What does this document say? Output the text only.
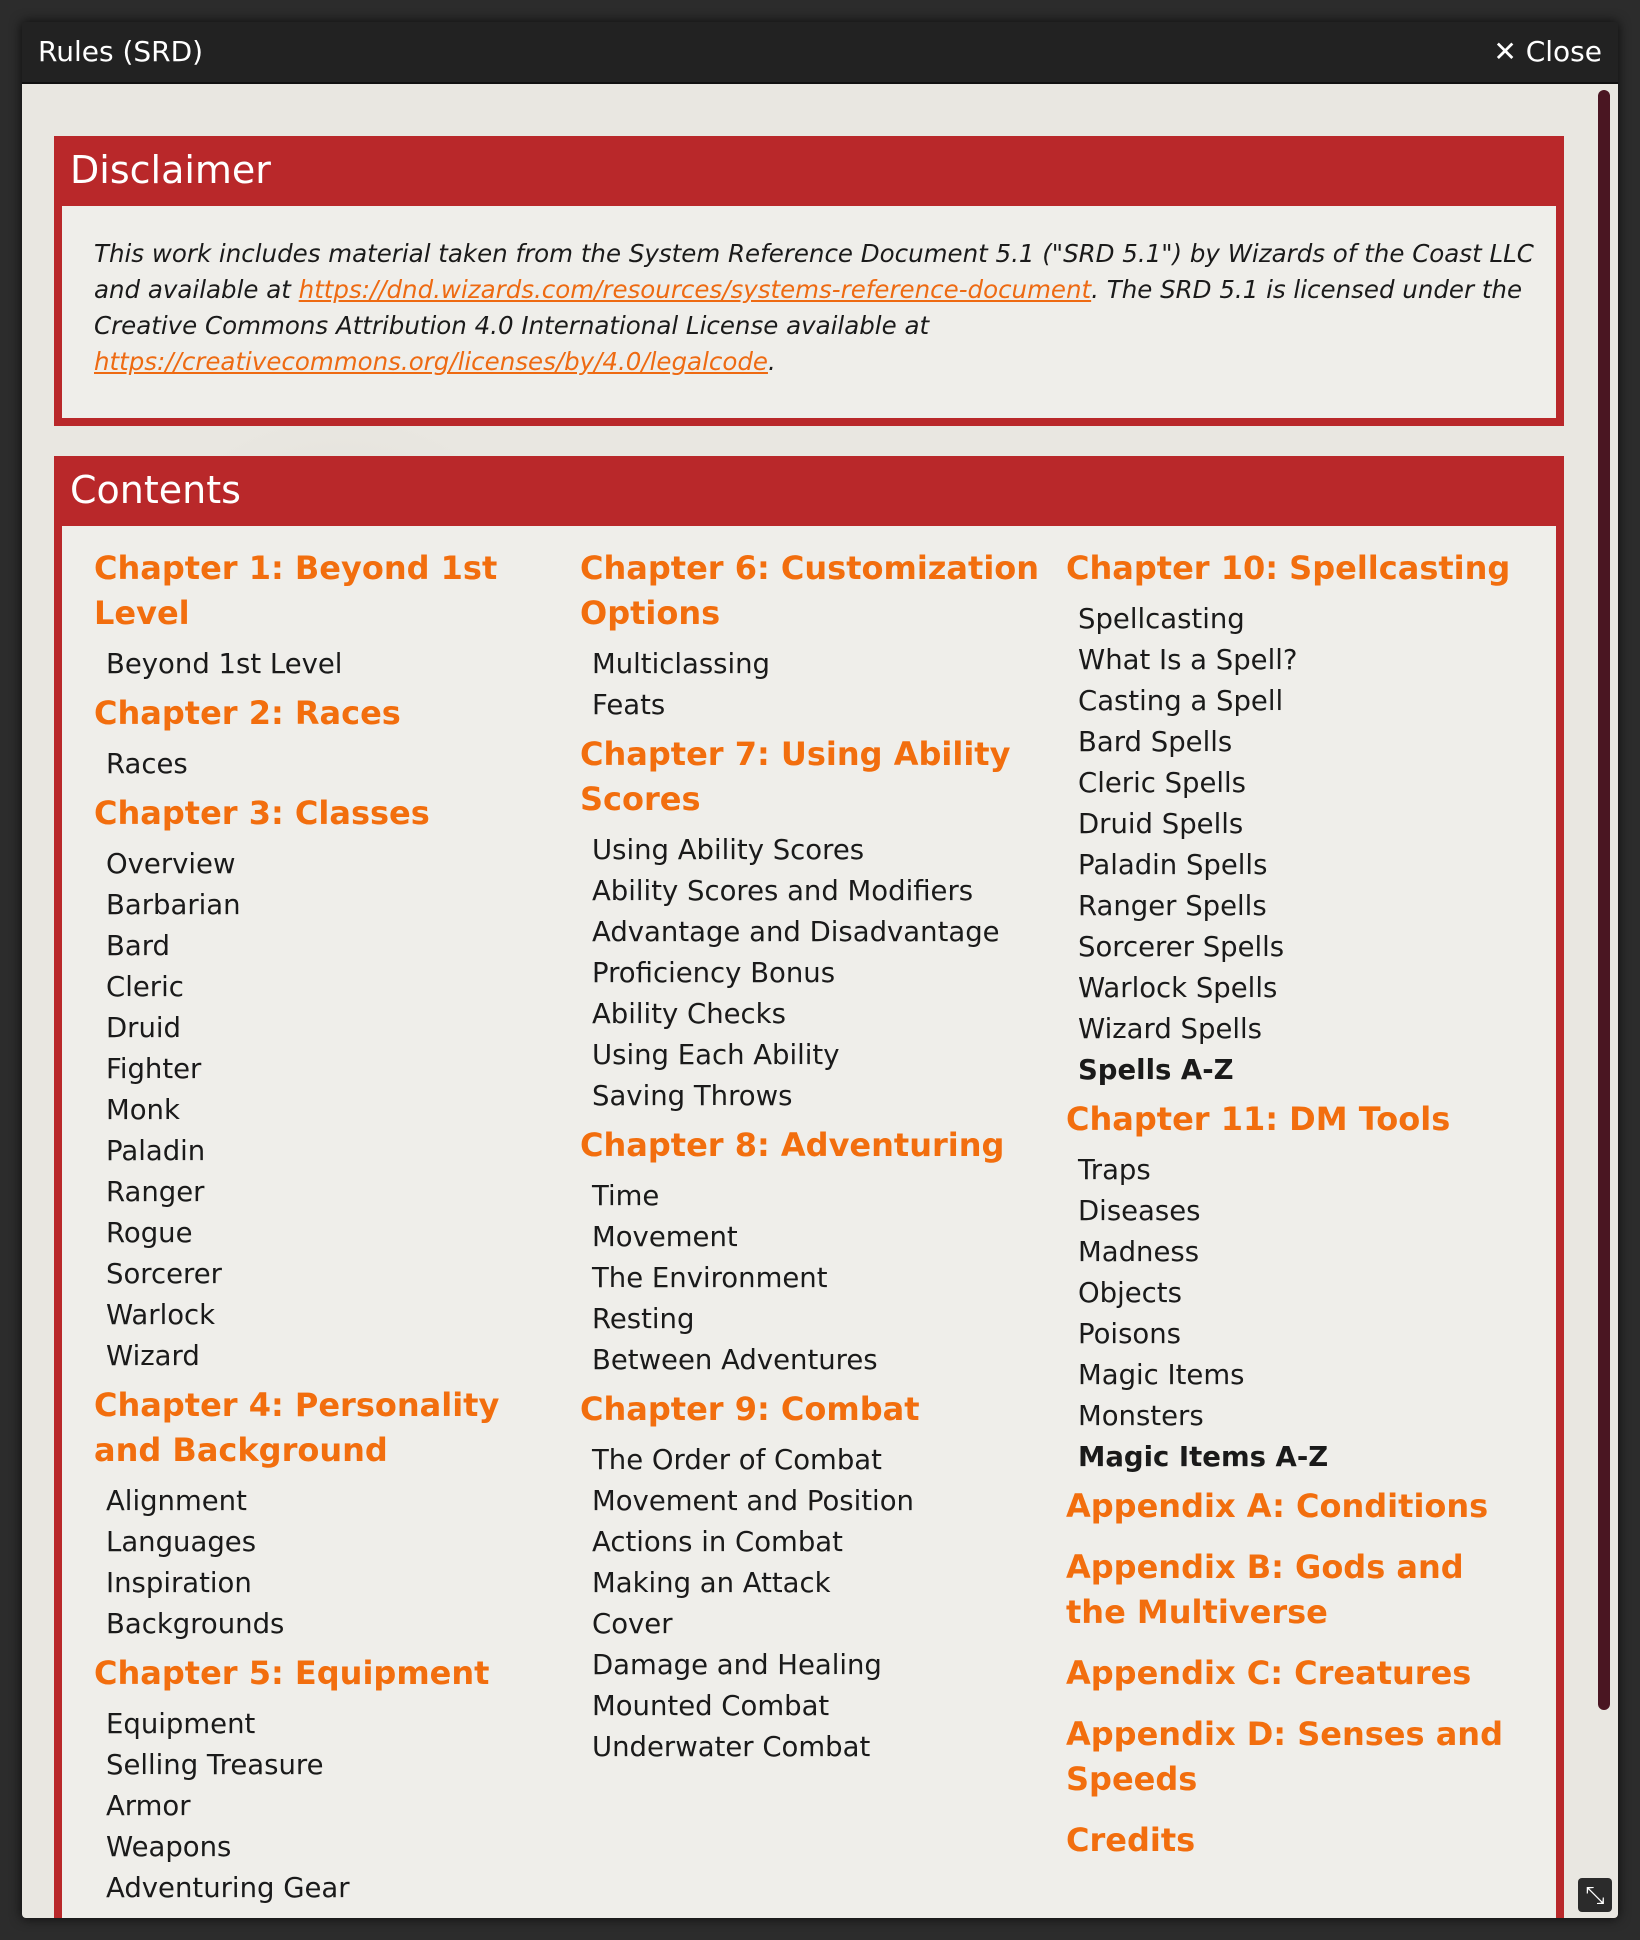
Rules (SRD)	✕ Close
Disclaimer
This work includes material taken from the System Reference Document 5.1 ("SRD 5.1") by Wizards of the Coast LLC and available at https://dnd.wizards.com/resources/systems-reference-document. The SRD 5.1 is licensed under the Creative Commons Attribution 4.0 International License available at https://creativecommons.org/licenses/by/4.0/legalcode.
Contents
Chapter 1: Beyond 1st Level
Beyond 1st Level
Chapter 2: Races
Races
Chapter 3: Classes
Overview
Barbarian
Bard
Cleric
Druid
Fighter
Monk
Paladin
Ranger
Rogue
Sorcerer
Warlock
Wizard
Chapter 4: Personality and Background
Alignment
Languages
Inspiration
Backgrounds
Chapter 5: Equipment
Equipment
Selling Treasure
Armor
Weapons
Adventuring Gear
Chapter 6: Customization Options
Multiclassing
Feats
Chapter 7: Using Ability Scores
Using Ability Scores
Ability Scores and Modifiers
Advantage and Disadvantage
Proficiency Bonus
Ability Checks
Using Each Ability
Saving Throws
Chapter 8: Adventuring
Time
Movement
The Environment
Resting
Between Adventures
Chapter 9: Combat
The Order of Combat
Movement and Position
Actions in Combat
Making an Attack
Cover
Damage and Healing
Mounted Combat
Underwater Combat
Chapter 10: Spellcasting
Spellcasting
What Is a Spell?
Casting a Spell
Bard Spells
Cleric Spells
Druid Spells
Paladin Spells
Ranger Spells
Sorcerer Spells
Warlock Spells
Wizard Spells
Spells A-Z
Chapter 11: DM Tools
Traps
Diseases
Madness
Objects
Poisons
Magic Items
Monsters
Magic Items A-Z
Appendix A: Conditions
Appendix B: Gods and the Multiverse
Appendix C: Creatures
Appendix D: Senses and Speeds
Credits
⤡
